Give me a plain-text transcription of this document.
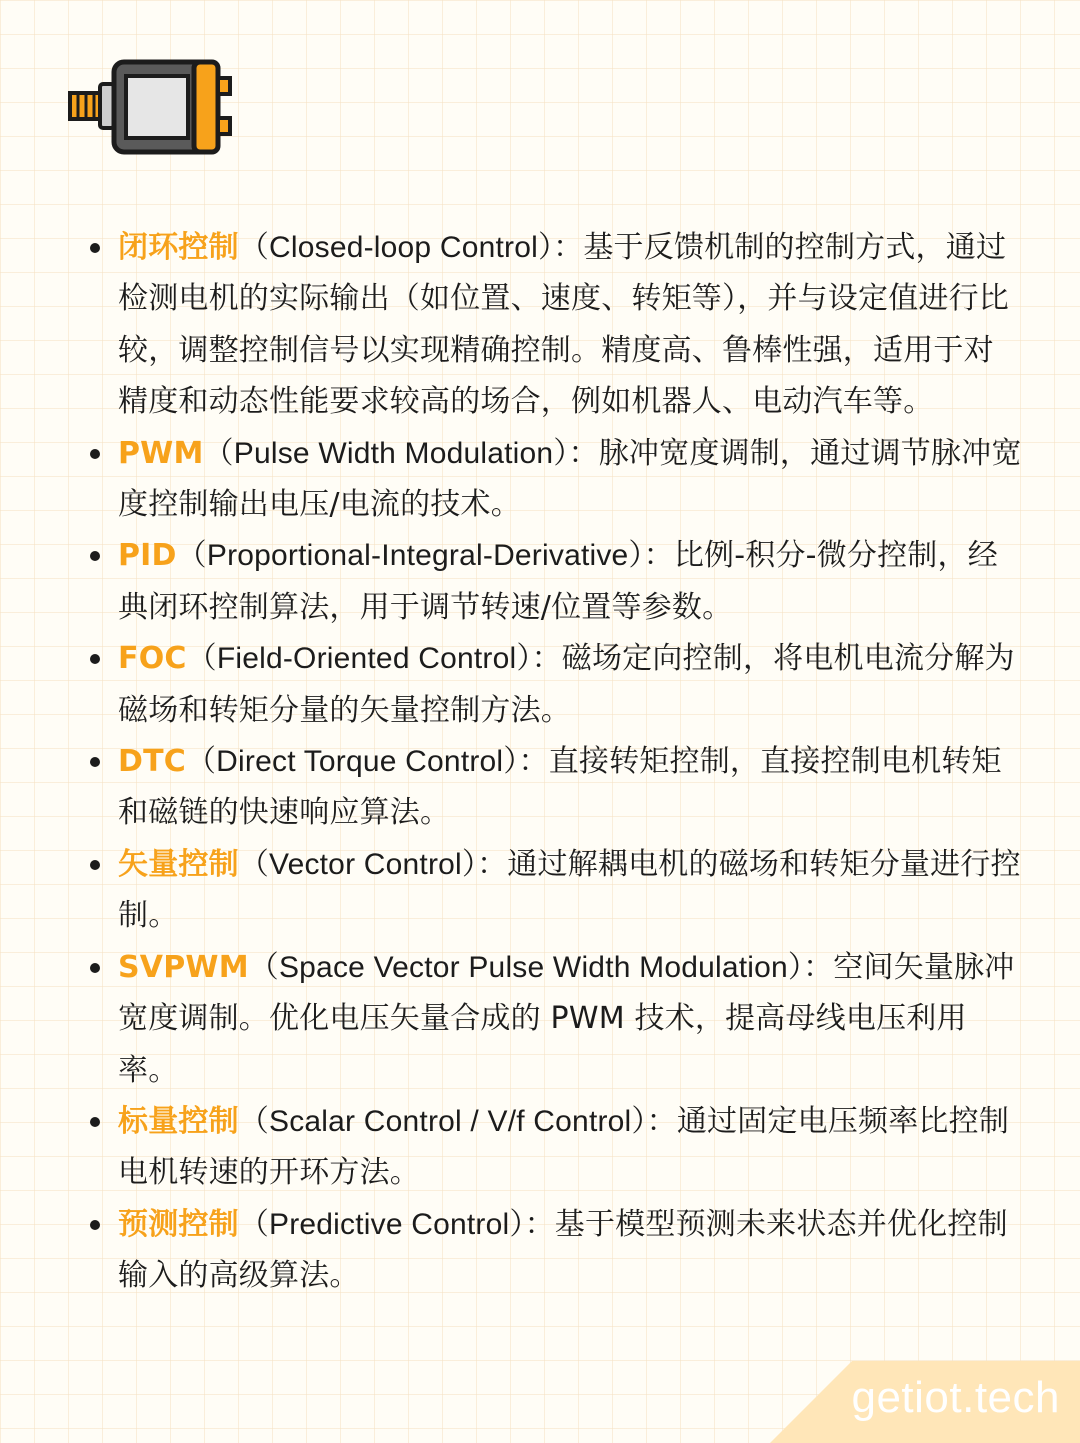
闭环控制（Closed-loop Control）：基于反馈机制的控制方式，通过检测电机的实际输出（如位置、速度、转矩等），并与设定值进行比较，调整控制信号以实现精确控制。精度高、鲁棒性强，适用于对精度和动态性能要求较高的场合，例如机器人、电动汽车等。
PWM（Pulse Width Modulation）：脉冲宽度调制，通过调节脉冲宽度控制输出电压/电流的技术。
PID（Proportional-Integral-Derivative）：比例-积分-微分控制，经典闭环控制算法，用于调节转速/位置等参数。
FOC（Field-Oriented Control）：磁场定向控制，将电机电流分解为磁场和转矩分量的矢量控制方法。
DTC（Direct Torque Control）：直接转矩控制，直接控制电机转矩和磁链的快速响应算法。
矢量控制（Vector Control）：通过解耦电机的磁场和转矩分量进行控制。
SVPWM（Space Vector Pulse Width Modulation）：空间矢量脉冲宽度调制。优化电压矢量合成的 PWM 技术，提高母线电压利用率。
标量控制（Scalar Control / V/f Control）：通过固定电压频率比控制电机转速的开环方法。
预测控制（Predictive Control）：基于模型预测未来状态并优化控制输入的高级算法。
getiot.tech
